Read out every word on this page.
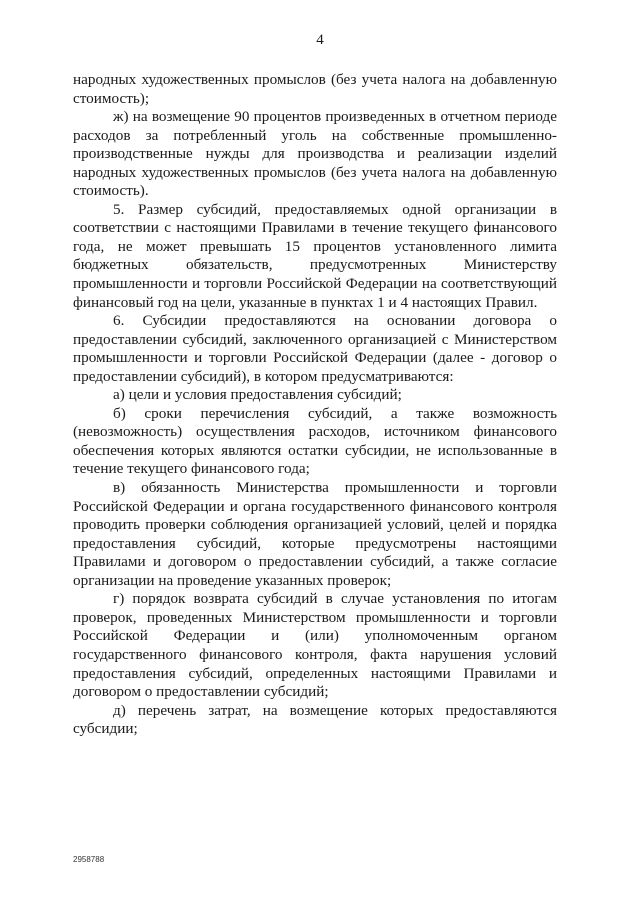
4

народных художественных промыслов (без учета налога на добавленную стоимость);

ж) на возмещение 90 процентов произведенных в отчетном периоде расходов за потребленный уголь на собственные промышленно-производственные нужды для производства и реализации изделий народных художественных промыслов (без учета налога на добавленную стоимость).

5. Размер субсидий, предоставляемых одной организации в соответствии с настоящими Правилами в течение текущего финансового года, не может превышать 15 процентов установленного лимита бюджетных обязательств, предусмотренных Министерству промышленности и торговли Российской Федерации на соответствующий финансовый год на цели, указанные в пунктах 1 и 4 настоящих Правил.

6. Субсидии предоставляются на основании договора о предоставлении субсидий, заключенного организацией с Министерством промышленности и торговли Российской Федерации (далее - договор о предоставлении субсидий), в котором предусматриваются:

а) цели и условия предоставления субсидий;

б) сроки перечисления субсидий, а также возможность (невозможность) осуществления расходов, источником финансового обеспечения которых являются остатки субсидии, не использованные в течение текущего финансового года;

в) обязанность Министерства промышленности и торговли Российской Федерации и органа государственного финансового контроля проводить проверки соблюдения организацией условий, целей и порядка предоставления субсидий, которые предусмотрены настоящими Правилами и договором о предоставлении субсидий, а также согласие организации на проведение указанных проверок;

г) порядок возврата субсидий в случае установления по итогам проверок, проведенных Министерством промышленности и торговли Российской Федерации и (или) уполномоченным органом государственного финансового контроля, факта нарушения условий предоставления субсидий, определенных настоящими Правилами и договором о предоставлении субсидий;

д) перечень затрат, на возмещение которых предоставляются субсидии;

2958788
